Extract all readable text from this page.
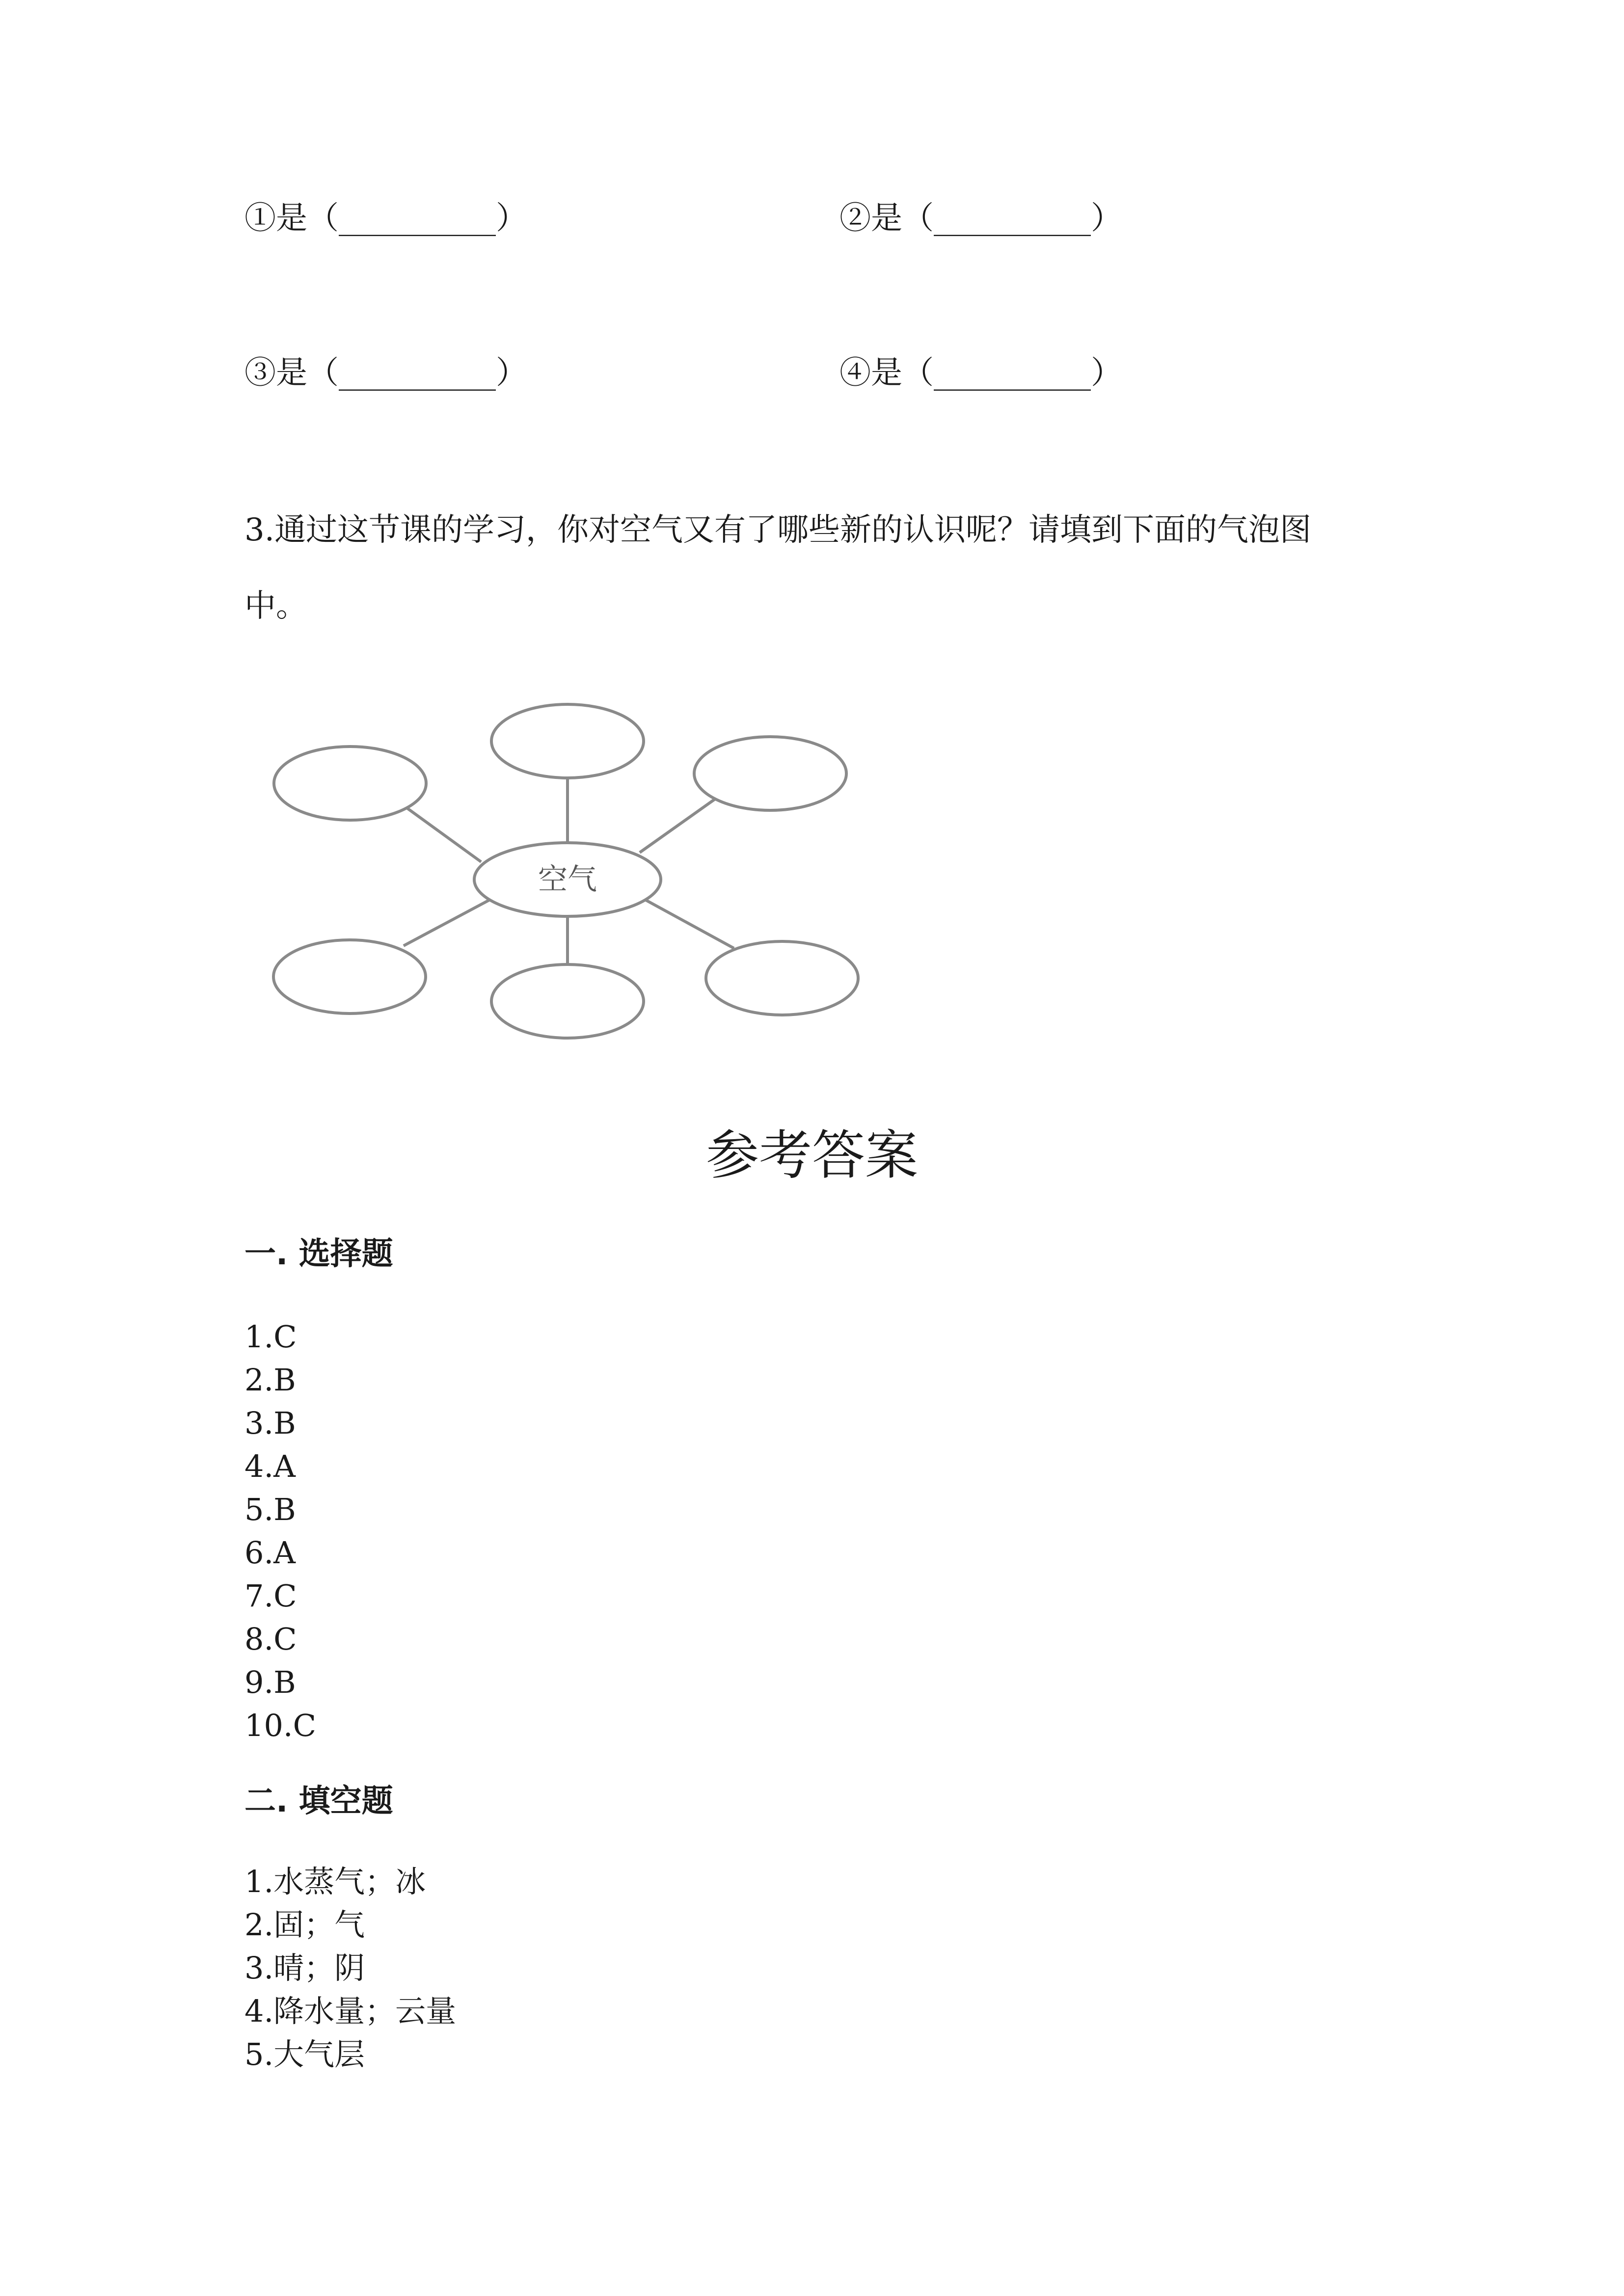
①是（__________）	②是（__________）
③是（__________）	④是（__________）
3.通过这节课的学习，你对空气又有了哪些新的认识呢？请填到下面的气泡图
中。
空气
参考答案
一. 选择题
1.C
2.B
3.B
4.A
5.B
6.A
7.C
8.C
9.B
10.C
二. 填空题
1.水蒸气；冰
2.固；气
3.晴；阴
4.降水量；云量
5.大气层
